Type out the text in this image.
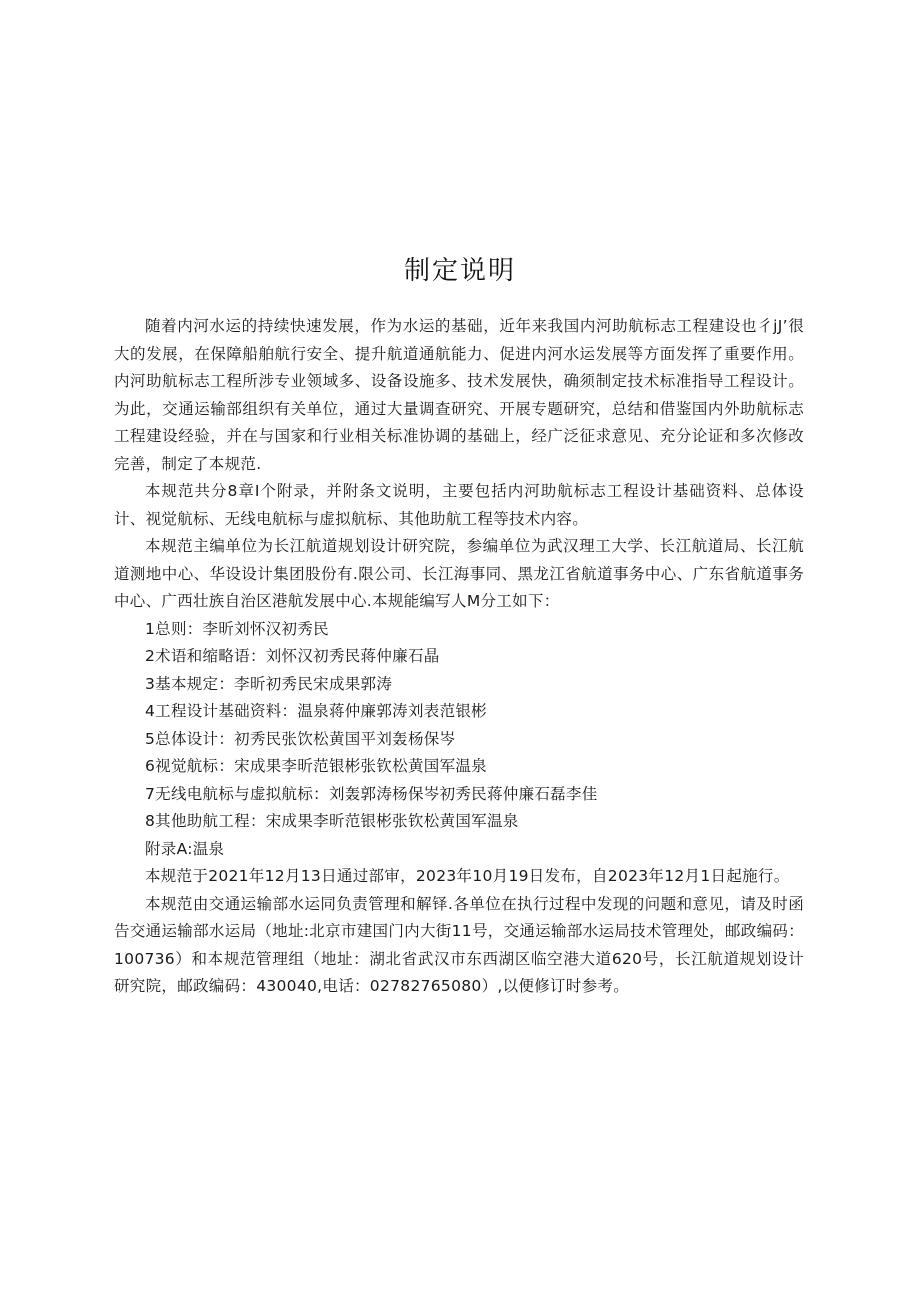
制定说明

随着内河水运的持续快速发展，作为水运的基础，近年来我国内河助航标志工程建设也彳jJ’很大的发展，在保障船舶航行安全、提升航道通航能力、促进内河水运发展等方面发挥了重要作用。内河助航标志工程所涉专业领域多、设备设施多、技术发展快，确须制定技术标准指导工程设计。为此，交通运输部组织有关单位，通过大量调查研究、开展专题研究，总结和借鉴国内外助航标志工程建设经验，并在与国家和行业相关标准协调的基础上，经广泛征求意见、充分论证和多次修改完善，制定了本规范.

本规范共分8章I个附录，并附条文说明，主要包括内河助航标志工程设计基础资料、总体设计、视觉航标、无线电航标与虚拟航标、其他助航工程等技术内容。

本规范主编单位为长江航道规划设计研究院，参编单位为武汉理工大学、长江航道局、长江航道测地中心、华设设计集团股份有.限公司、长江海事同、黑龙江省航道事务中心、广东省航道事务中心、广西壮族自治区港航发展中心.本规能编写人M分工如下：

1总则：李昕刘怀汉初秀民

2术语和缩略语：刘怀汉初秀民蒋仲廉石晶

3基本规定：李昕初秀民宋成果郭涛

4工程设计基础资料：温泉蒋仲廉郭涛刘表范银彬

5总体设计：初秀民张饮松黄国平刘轰杨保岑

6视觉航标：宋成果李昕范银彬张钦松黄国军温泉

7无线电航标与虚拟航标：刘轰郭涛杨保岑初秀民蒋仲廉石磊李佳

8其他助航工程：宋成果李昕范银彬张钦松黄国军温泉

附录A:温泉

本规范于2021年12月13日通过部审，2023年10月19日发布，自2023年12月1日起施行。

本规范由交通运输部水运同负责管理和解铎.各单位在执行过程中发现的问题和意见，请及时函告交通运输部水运局（地址:北京市建国门内大街11号，交通运输部水运局技术管理处，邮政编码：100736）和本规范管理组（地址：湖北省武汉市东西湖区临空港大道620号，长江航道规划设计研究院，邮政编码：430040,电话：02782765080）,以便修订时参考。
